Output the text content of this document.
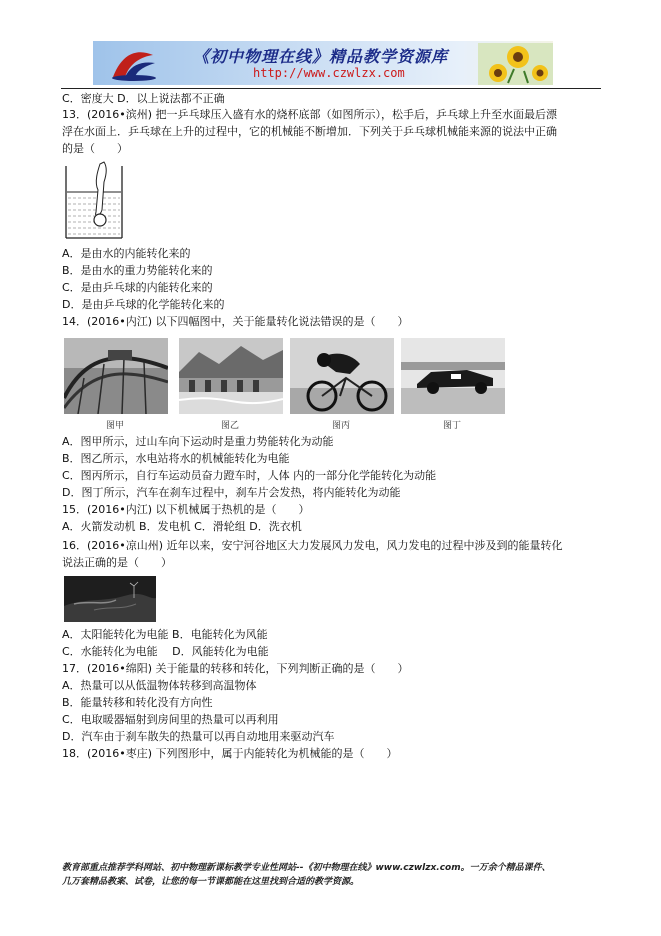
《初中物理在线》精品教学资源库
http://www.czwlzx.com
C．密度大 D．以上说法都不正确
13．(2016•滨州) 把一乒乓球压入盛有水的烧杯底部（如图所示），松手后，乒乓球上升至水面最后漂
浮在水面上．乒乓球在上升的过程中，它的机械能不断增加．下列关于乒乓球机械能来源的说法中正确
的是（　　）
A．是由水的内能转化来的
B．是由水的重力势能转化来的
C．是由乒乓球的内能转化来的
D．是由乒乓球的化学能转化来的
14．(2016•内江) 以下四幅图中，关于能量转化说法错误的是（　　）
图甲	图乙	图丙	图丁
A．图甲所示，过山车向下运动时是重力势能转化为动能
B．图乙所示，水电站将水的机械能转化为电能
C．图丙所示，自行车运动员奋力蹬车时，人体 内的一部分化学能转化为动能
D．图丁所示，汽车在刹车过程中，刹车片会发热，将内能转化为动能
15．(2016•内江) 以下机械属于热机的是（　　）
A．火箭发动机 B．发电机 C．滑轮组 D．洗衣机
16．(2016•凉山州) 近年以来，安宁河谷地区大力发展风力发电，风力发电的过程中涉及到的能量转化
说法正确的是（　　）
A．太阳能转化为电能 B．电能转化为风能
C．水能转化为电能　 D．风能转化为电能
17．(2016•绵阳) 关于能量的转移和转化，下列判断正确的是（　　）
A．热量可以从低温物体转移到高温物体
B．能量转移和转化没有方向性
C．电取暖器辐射到房间里的热量可以再利用
D．汽车由于刹车散失的热量可以再自动地用来驱动汽车
18．(2016•枣庄) 下列图形中，属于内能转化为机械能的是（　　）
教育部重点推荐学科网站、初中物理新课标教学专业性网站--《初中物理在线》www.czwlzx.com。一万余个精品课件、
几万套精品教案、试卷，让您的每一节课都能在这里找到合适的教学资源。
